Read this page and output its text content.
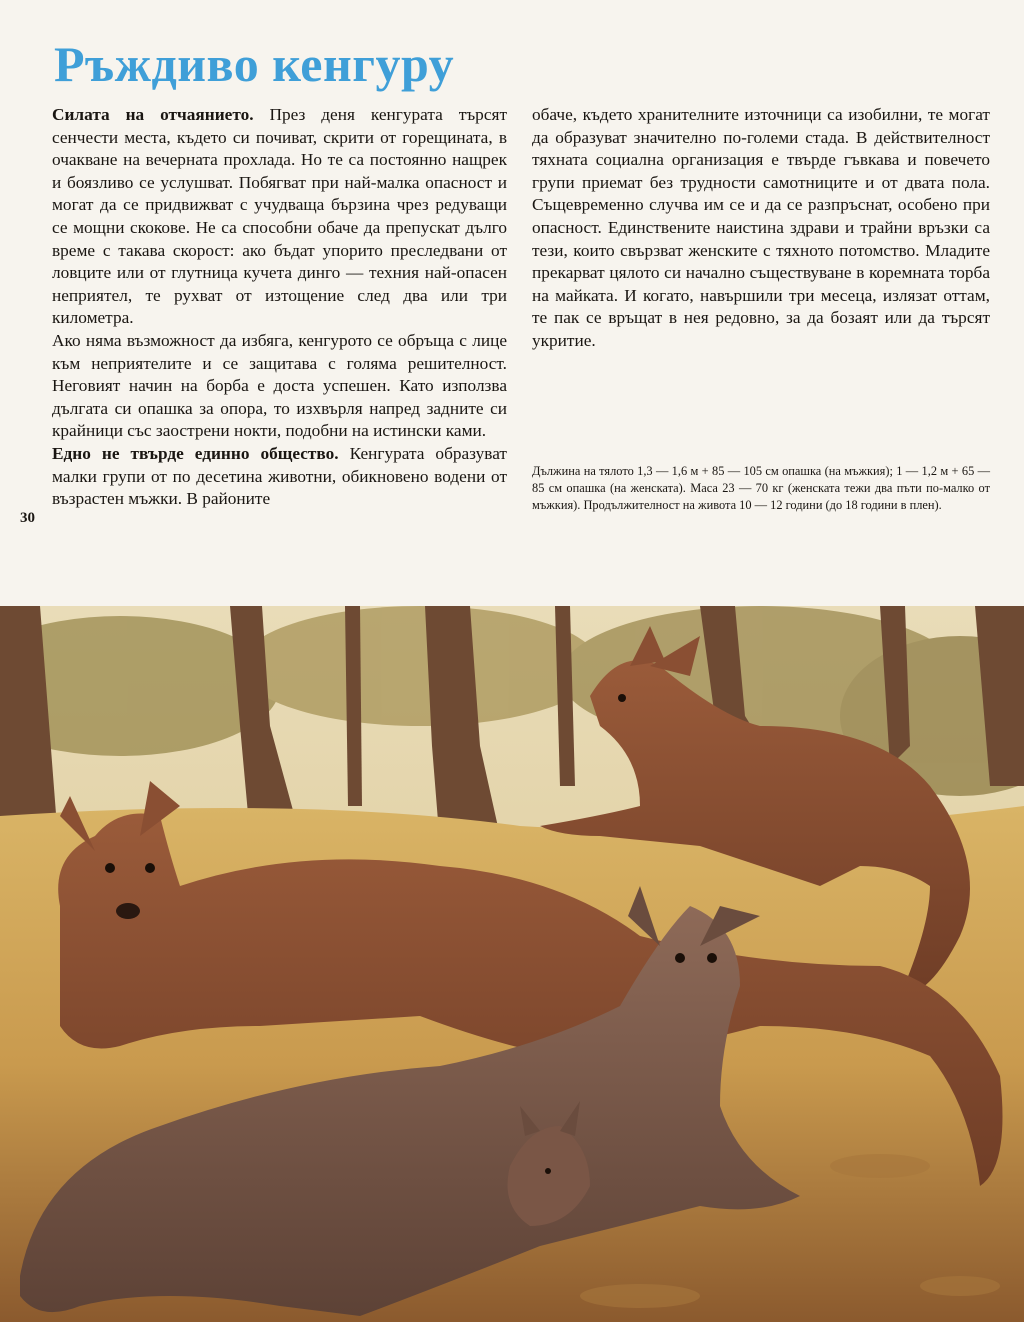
Ръждиво кенгуру

Силата на отчаянието. През деня кенгурата търсят сенчести места, където си почиват, скрити от горещината, в очакване на вечерната прохлада. Но те са постоянно нащрек и боязливо се услушват. Побягват при най-малка опасност и могат да се придвижват с учудваща бързина чрез редуващи се мощни скокове. Не са способни обаче да препускат дълго време с такава скорост: ако бъдат упорито преследвани от ловците или от глутница кучета динго — техния най-опасен неприятел, те рухват от изтощение след два или три километра.

Ако няма възможност да избяга, кенгурото се обръща с лице към неприятелите и се защитава с голяма решителност. Неговият начин на борба е доста успешен. Като използва дългата си опашка за опора, то изхвърля напред задните си крайници със заострени нокти, подобни на истински ками.

Едно не твърде единно общество. Кенгурата образуват малки групи от по десетина животни, обикновено водени от възрастен мъжки. В районите

30

обаче, където хранителните източници са изобилни, те могат да образуват значително по-големи стада. В действителност тяхната социална организация е твърде гъвкава и повечето групи приемат без трудности самотниците и от двата пола. Същевременно случва им се и да се разпръснат, особено при опасност. Единствените наистина здрави и трайни връзки са тези, които свързват женските с тяхното потомство. Младите прекарват цялото си начално съществуване в коремната торба на майката. И когато, навършили три месеца, излязат оттам, те пак се връщат в нея редовно, за да бозаят или да търсят укритие.

Дължина на тялото 1,3 — 1,6 м + 85 — 105 см опашка (на мъжкия); 1 — 1,2 м + 65 — 85 см опашка (на женската). Маса 23 — 70 кг (женската тежи два пъти по-малко от мъжкия). Продължителност на живота 10 — 12 години (до 18 години в плен).
